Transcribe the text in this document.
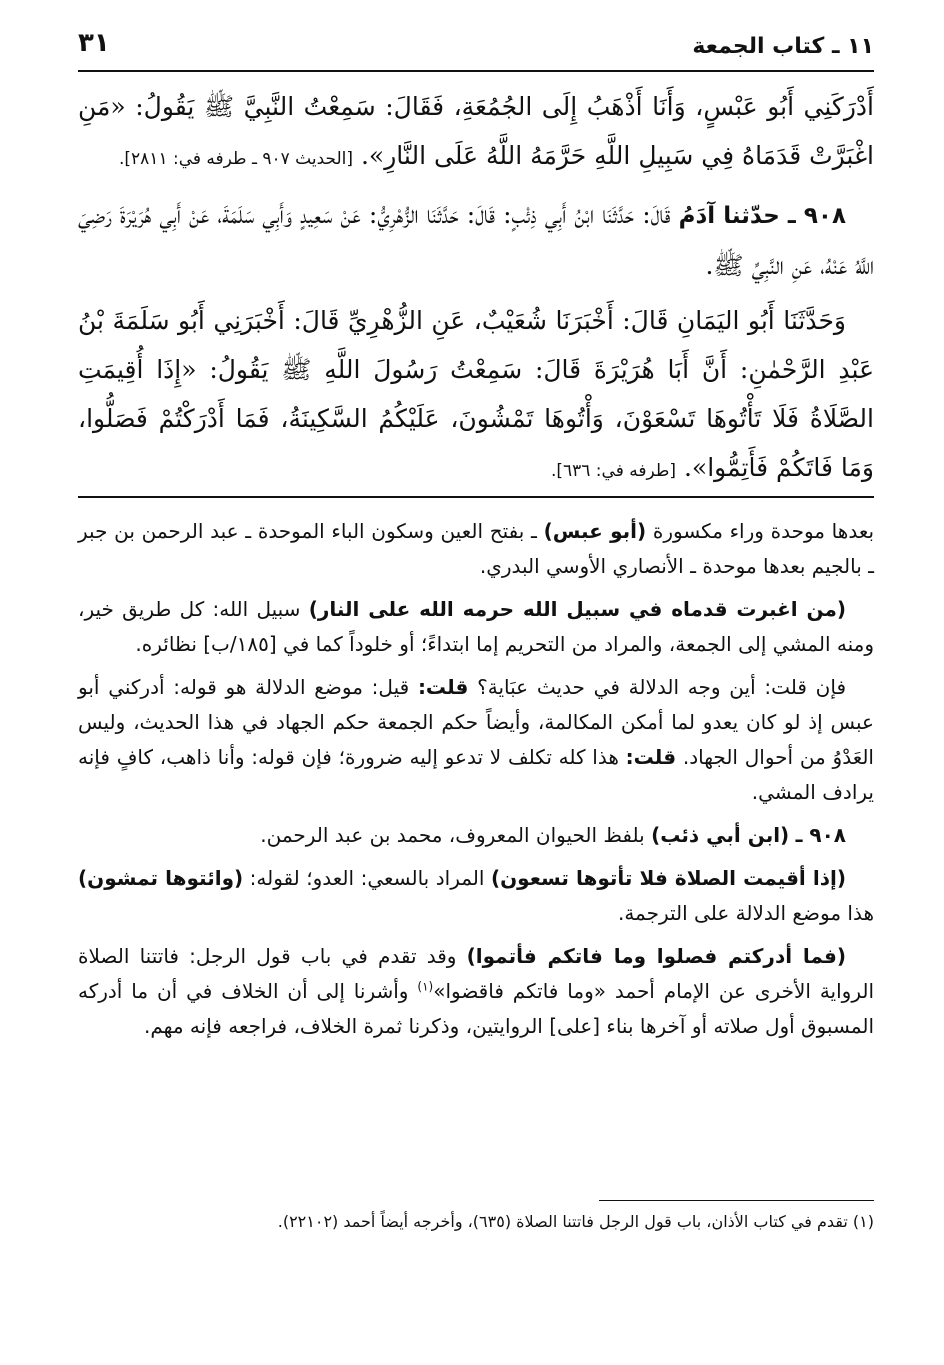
١١ ـ كتاب الجمعة
٣١

أَدْرَكَنِي أَبُو عَبْسٍ، وَأَنَا أَذْهَبُ إِلَى الجُمُعَةِ، فَقَالَ: سَمِعْتُ النَّبِيَّ ﷺ يَقُولُ: «مَنِ اغْبَرَّتْ قَدَمَاهُ فِي سَبِيلِ اللَّهِ حَرَّمَهُ اللَّهُ عَلَى النَّارِ». [الحديث ٩٠٧ ـ طرفه في: ٢٨١١].

٩٠٨ ـ حدّثنا آدَمُ قَالَ: حَدَّثَنَا ابْنُ أَبِي ذِئْبٍ: قَالَ: حَدَّثَنَا الزُّهْرِيُّ: عَنْ سَعِيدٍ وَأَبِي سَلَمَةَ، عَنْ أَبِي هُرَيْرَةَ رَضِيَ اللَّهُ عَنْهُ، عَنِ النَّبِيِّ ﷺ.

وَحَدَّثَنَا أَبُو اليَمَانِ قَالَ: أَخْبَرَنَا شُعَيْبٌ، عَنِ الزُّهْرِيِّ قَالَ: أَخْبَرَنِي أَبُو سَلَمَةَ بْنُ عَبْدِ الرَّحْمٰنِ: أَنَّ أَبَا هُرَيْرَةَ قَالَ: سَمِعْتُ رَسُولَ اللَّهِ ﷺ يَقُولُ: «إِذَا أُقِيمَتِ الصَّلَاةُ فَلَا تَأْتُوهَا تَسْعَوْنَ، وَأْتُوهَا تَمْشُونَ، عَلَيْكُمُ السَّكِينَةُ، فَمَا أَدْرَكْتُمْ فَصَلُّوا، وَمَا فَاتَكُمْ فَأَتِمُّوا». [طرفه في: ٦٣٦].

بعدها موحدة وراء مكسورة (أبو عبس) ـ بفتح العين وسكون الباء الموحدة ـ عبد الرحمن بن جبر ـ بالجيم بعدها موحدة ـ الأنصاري الأوسي البدري.

(من اغبرت قدماه في سبيل الله حرمه الله على النار) سبيل الله: كل طريق خير، ومنه المشي إلى الجمعة، والمراد من التحريم إما ابتداءً؛ أو خلوداً كما في [١٨٥/ب] نظائره.

فإن قلت: أين وجه الدلالة في حديث عبَاية؟ قلت: قيل: موضع الدلالة هو قوله: أدركني أبو عبس إذ لو كان يعدو لما أمكن المكالمة، وأيضاً حكم الجمعة حكم الجهاد في هذا الحديث، وليس العَدْوُ من أحوال الجهاد. قلت: هذا كله تكلف لا تدعو إليه ضرورة؛ فإن قوله: وأنا ذاهب، كافٍ فإنه يرادف المشي.

٩٠٨ ـ (ابن أبي ذئب) بلفظ الحيوان المعروف، محمد بن عبد الرحمن.

(إذا أقيمت الصلاة فلا تأتوها تسعون) المراد بالسعي: العدو؛ لقوله: (وائتوها تمشون) هذا موضع الدلالة على الترجمة.

(فما أدركتم فصلوا وما فاتكم فأتموا) وقد تقدم في باب قول الرجل: فاتتنا الصلاة الرواية الأخرى عن الإمام أحمد «وما فاتكم فاقضوا»$^{(١)}$ وأشرنا إلى أن الخلاف في أن ما أدركه المسبوق أول صلاته أو آخرها بناء [على] الروايتين، وذكرنا ثمرة الخلاف، فراجعه فإنه مهم.

(١) تقدم في كتاب الأذان، باب قول الرجل فاتتنا الصلاة (٦٣٥)، وأخرجه أيضاً أحمد (٢٢١٠٢).
